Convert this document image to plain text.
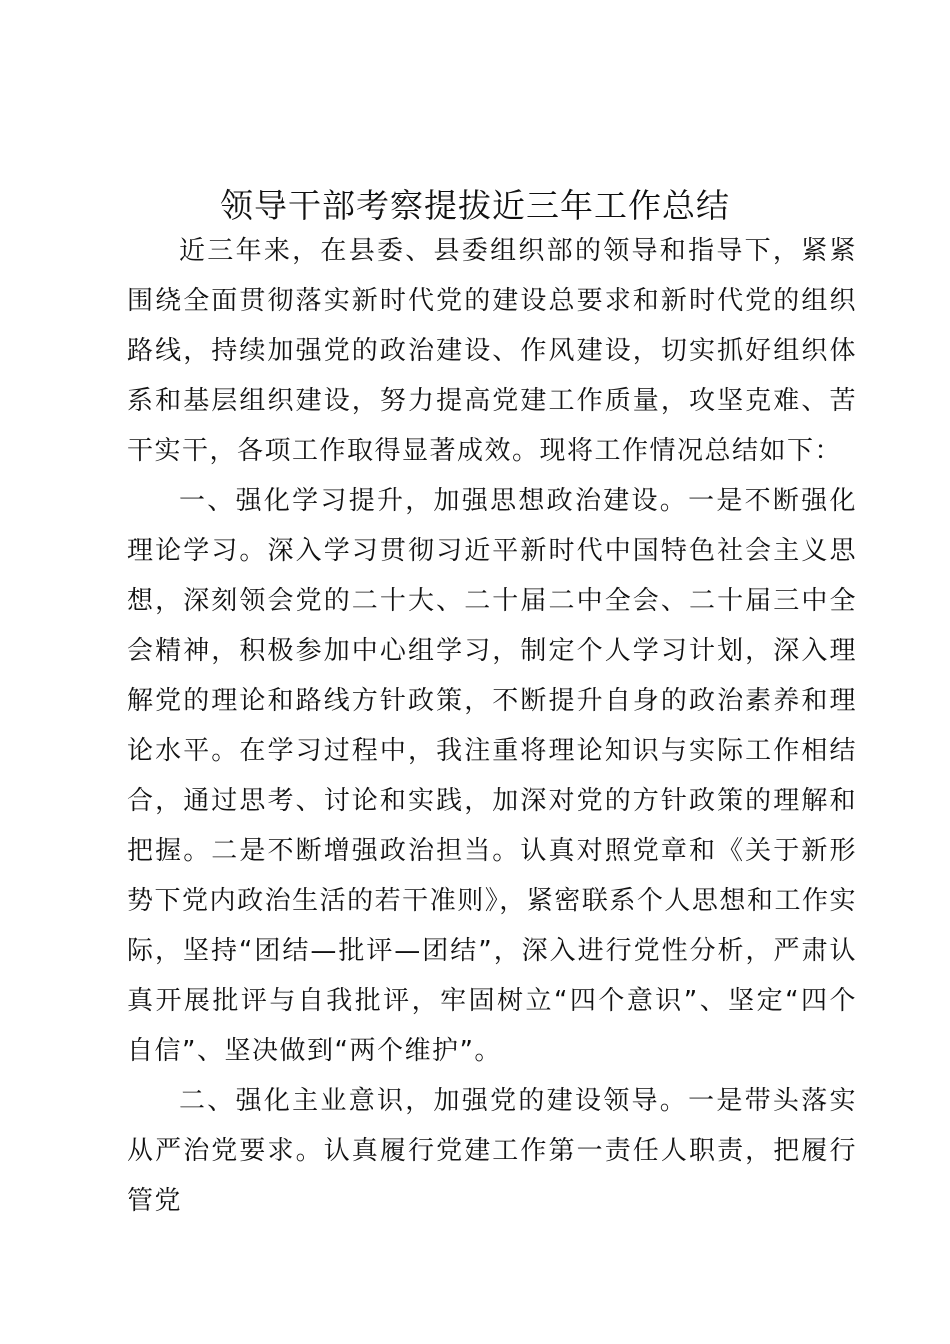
领导干部考察提拔近三年工作总结

近三年来，在县委、县委组织部的领导和指导下，紧紧围绕全面贯彻落实新时代党的建设总要求和新时代党的组织路线，持续加强党的政治建设、作风建设，切实抓好组织体系和基层组织建设，努力提高党建工作质量，攻坚克难、苦干实干，各项工作取得显著成效。现将工作情况总结如下：

一、强化学习提升，加强思想政治建设。一是不断强化理论学习。深入学习贯彻习近平新时代中国特色社会主义思想，深刻领会党的二十大、二十届二中全会、二十届三中全会精神，积极参加中心组学习，制定个人学习计划，深入理解党的理论和路线方针政策，不断提升自身的政治素养和理论水平。在学习过程中，我注重将理论知识与实际工作相结合，通过思考、讨论和实践，加深对党的方针政策的理解和把握。二是不断增强政治担当。认真对照党章和《关于新形势下党内政治生活的若干准则》，紧密联系个人思想和工作实际，坚持“团结—批评—团结”，深入进行党性分析，严肃认真开展批评与自我批评，牢固树立“四个意识”、坚定“四个自信”、坚决做到“两个维护”。

二、强化主业意识，加强党的建设领导。一是带头落实从严治党要求。认真履行党建工作第一责任人职责，把履行管党
